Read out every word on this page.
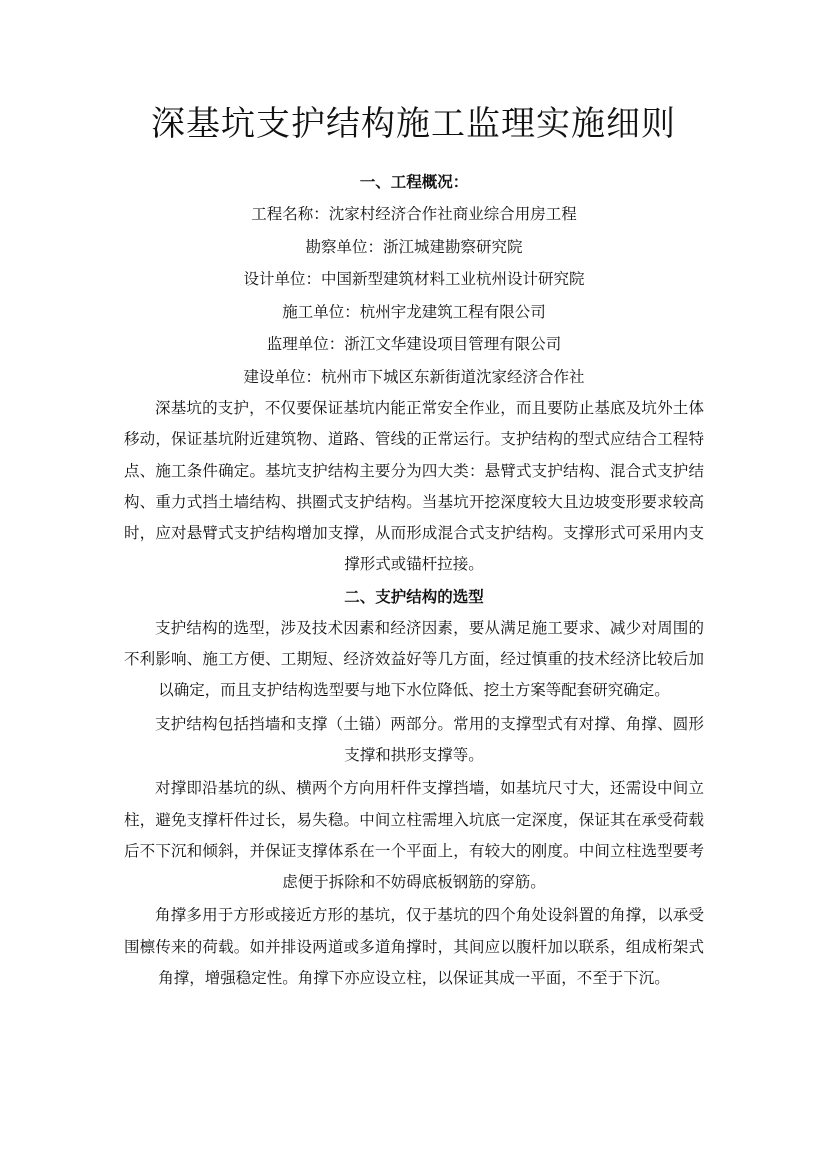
深基坑支护结构施工监理实施细则

一、工程概况：

工程名称：沈家村经济合作社商业综合用房工程

勘察单位：浙江城建勘察研究院

设计单位：中国新型建筑材料工业杭州设计研究院

施工单位：杭州宇龙建筑工程有限公司

监理单位：浙江文华建设项目管理有限公司

建设单位：杭州市下城区东新街道沈家经济合作社

深基坑的支护，不仅要保证基坑内能正常安全作业，而且要防止基底及坑外土体移动，保证基坑附近建筑物、道路、管线的正常运行。支护结构的型式应结合工程特点、施工条件确定。基坑支护结构主要分为四大类：悬臂式支护结构、混合式支护结构、重力式挡土墙结构、拱圈式支护结构。当基坑开挖深度较大且边坡变形要求较高时，应对悬臂式支护结构增加支撑，从而形成混合式支护结构。支撑形式可采用内支撑形式或锚杆拉接。

二、支护结构的选型

支护结构的选型，涉及技术因素和经济因素，要从满足施工要求、减少对周围的不利影响、施工方便、工期短、经济效益好等几方面，经过慎重的技术经济比较后加以确定，而且支护结构选型要与地下水位降低、挖土方案等配套研究确定。

支护结构包括挡墙和支撑（土锚）两部分。常用的支撑型式有对撑、角撑、圆形支撑和拱形支撑等。

对撑即沿基坑的纵、横两个方向用杆件支撑挡墙，如基坑尺寸大，还需设中间立柱，避免支撑杆件过长，易失稳。中间立柱需埋入坑底一定深度，保证其在承受荷载后不下沉和倾斜，并保证支撑体系在一个平面上，有较大的刚度。中间立柱选型要考虑便于拆除和不妨碍底板钢筋的穿筋。

角撑多用于方形或接近方形的基坑，仅于基坑的四个角处设斜置的角撑，以承受围檩传来的荷载。如并排设两道或多道角撑时，其间应以腹杆加以联系，组成桁架式角撑，增强稳定性。角撑下亦应设立柱，以保证其成一平面，不至于下沉。
